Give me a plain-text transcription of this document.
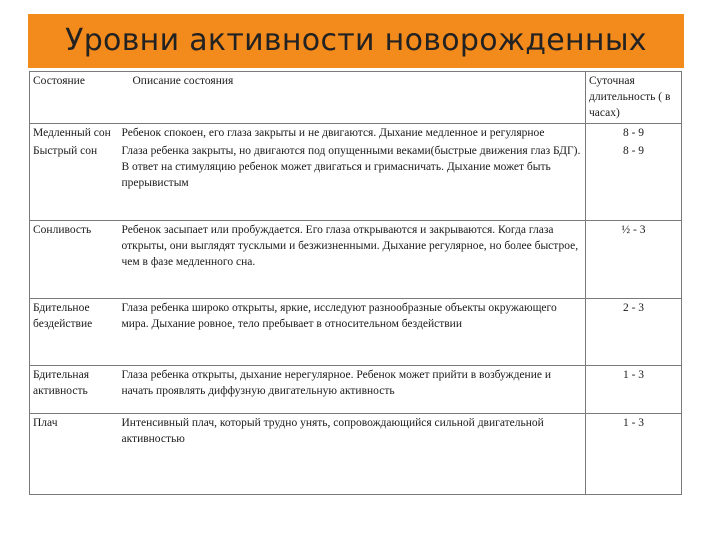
Уровни активности новорожденных
Состояние	Описание состояния	Суточная длительность ( в часах)
Медленный сон	Ребенок спокоен, его глаза закрыты и не двигаются. Дыхание медленное и регулярное	8 - 9
Быстрый сон	Глаза ребенка закрыты, но двигаются под опущенными веками(быстрые движения глаз БДГ). В ответ на стимуляцию ребенок может двигаться и гримасничать. Дыхание может быть прерывистым	8 - 9
Сонливость	Ребенок засыпает или пробуждается. Его глаза открываются и закрываются. Когда глаза открыты, они выглядят тусклыми и безжизненными. Дыхание регулярное, но более быстрое, чем в фазе медленного сна.	½ - 3
Бдительное бездействие	Глаза ребенка широко открыты, яркие, исследуют разнообразные объекты окружающего мира. Дыхание ровное, тело пребывает в относительном бездействии	2 - 3
Бдительная активность	Глаза ребенка открыты, дыхание нерегулярное. Ребенок может прийти в возбуждение и начать проявлять диффузную двигательную активность	1 - 3
Плач	Интенсивный плач, который трудно унять, сопровождающийся сильной двигательной активностью	1 - 3
